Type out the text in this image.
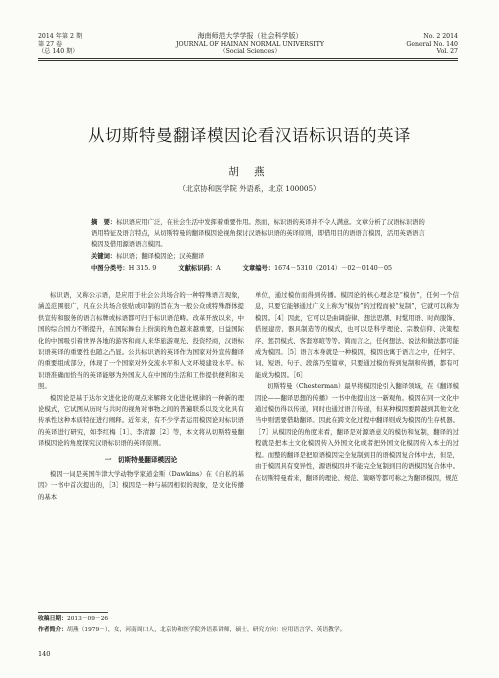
2014 年第 2 期
第 27 卷
（总 140 期）
海南师范大学学报（社会科学版）
JOURNAL OF HAINAN NORMAL UNIVERSITY
（Social Sciences）
No. 2 2014
General No. 140
Vol. 27
从切斯特曼翻译模因论看汉语标识语的英译
胡 燕
（北京协和医学院 外语系，北京 100005）
摘　要：标识语应用广泛，在社会生活中发挥着重要作用。然而，标识语的英译并不令人满意。文章分析了汉语标识语的语用特征及语言特点，从切斯特曼的翻译模因论视角探讨汉语标识语的英译原则，即借用目的语语言模因，活用英语语言模因及借用源语语言模因。
关键词：标识语；翻译模因论；汉英翻译
中图分类号：H 315. 9	文献标识码：A	文章编号：1674－5310（2014）－02－0140－05

标识语，又称公示语，是应用于社会公共场合的一种特殊语言现象，涵盖范围很广，凡在公共场合张贴或印制的旨在为一般公众或特殊群体提供宣传和服务的语言标牌或标语都可归于标识语范畴。改革开放以来，中国的综合国力不断提升，在国际舞台上扮演的角色越来越重要，日益国际化的中国吸引着世界各地的游客和商人来华旅游观光、投资经商，汉语标识语英译的重要性也随之凸显。公共标识语的英译作为国家对外宣传翻译的重要组成部分，体现了一个国家对外交流水平和人文环境建设水平。标识语准确而恰当的英译能够为外国友人在中国的生活和工作提供便利和关照。

模因论是基于达尔文进化论的观点来解释文化进化规律的一种新的理论模式，它试图从历时与共时的视角对事物之间的普遍联系以及文化具有传承性这种本质特征进行阐释。近年来，有不少学者运用模因论对标识语的英译进行研究，如李红梅［1］、李清源［2］等，本文将从切斯特曼翻译模因论的角度探究汉语标识语的英译原则。

一　切斯特曼翻译模因论

模因一词是英国牛津大学动物学家道金斯（Dawkins）在《自私的基因》一书中首次提出的，［3］模因是一种与基因相似的现象，是文化传播的基本

单位，通过模仿而得到传播。模因论的核心理念是“模仿”，任何一个信息，只要它能够通过广义上称为“模仿”的过程而被“复制”，它就可以称为模因。［4］因此，它可以是曲调旋律、想法思潮、时髦用语、时尚服饰、搭屋建房、器具制造等的模式，也可以是科学理论、宗教信仰、决策程序、惩罚模式、客套寒暄等等。简而言之，任何想法、说法和做法都可能成为模因。［5］语言本身就是一种模因，模因也寓于语言之中，任何字、词、短语、句子、段落乃至篇章，只要通过模仿得到复制和传播，都有可能成为模因。［6］

切斯特曼（Chesterman）最早将模因论引入翻译领域，在《翻译模因论——翻译思想的传播》一书中他提出这一新观角。模因在同一文化中通过模仿得以传递，同时也通过语言传递，但某种模因要跨越到其他文化当中则需要借助翻译。因此在跨文化过程中翻译则成为模因的生存机器。［7］从模因论的角度来看，翻译是对源语意义的模仿和复制，翻译的过程就是把本土文化模因传入外国文化或者把外国文化模因传入本土的过程。而整的翻译是把原语模因完全复制到目的语模因复合体中去，但是，由于模因具有变异性，源语模因并不能完全复制到目的语模因复合体中。在切斯特曼看来，翻译的理论、规范、策略等都可称之为翻译模因，规范

收稿日期：2013－09－26
作者简介：胡燕（1979－），女，河南周口人，北京协和医学院外语系讲师，硕士，研究方向：应用语言学、英语教学。
140
